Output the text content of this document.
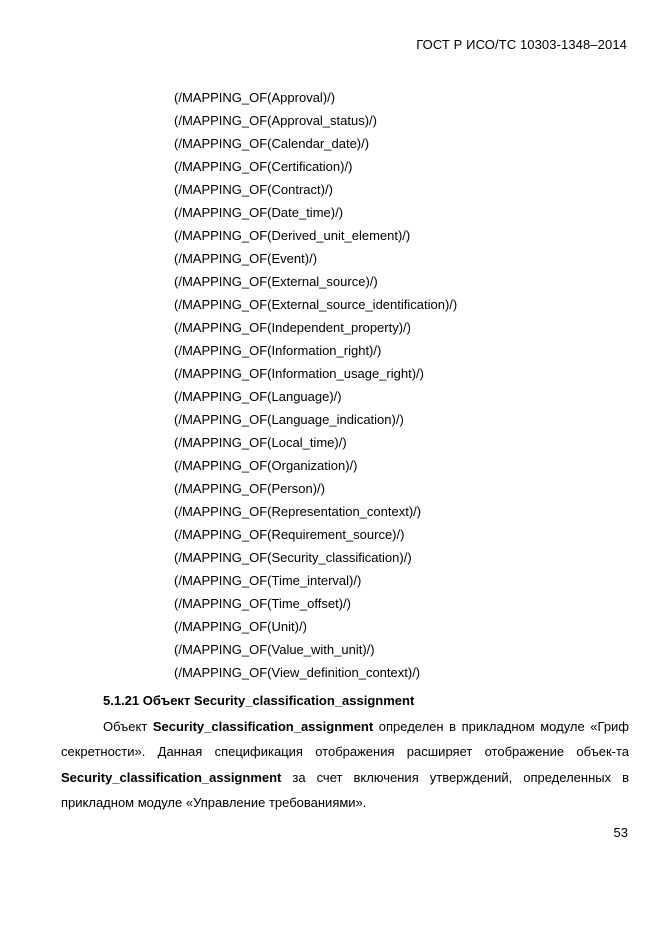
ГОСТ Р ИСО/ТС 10303-1348–2014
(/MAPPING_OF(Approval)/)
(/MAPPING_OF(Approval_status)/)
(/MAPPING_OF(Calendar_date)/)
(/MAPPING_OF(Certification)/)
(/MAPPING_OF(Contract)/)
(/MAPPING_OF(Date_time)/)
(/MAPPING_OF(Derived_unit_element)/)
(/MAPPING_OF(Event)/)
(/MAPPING_OF(External_source)/)
(/MAPPING_OF(External_source_identification)/)
(/MAPPING_OF(Independent_property)/)
(/MAPPING_OF(Information_right)/)
(/MAPPING_OF(Information_usage_right)/)
(/MAPPING_OF(Language)/)
(/MAPPING_OF(Language_indication)/)
(/MAPPING_OF(Local_time)/)
(/MAPPING_OF(Organization)/)
(/MAPPING_OF(Person)/)
(/MAPPING_OF(Representation_context)/)
(/MAPPING_OF(Requirement_source)/)
(/MAPPING_OF(Security_classification)/)
(/MAPPING_OF(Time_interval)/)
(/MAPPING_OF(Time_offset)/)
(/MAPPING_OF(Unit)/)
(/MAPPING_OF(Value_with_unit)/)
(/MAPPING_OF(View_definition_context)/)
5.1.21 Объект Security_classification_assignment

Объект Security_classification_assignment определен в прикладном модуле «Гриф секретности». Данная спецификация отображения расширяет отображение объек-та Security_classification_assignment за счет включения утверждений, определенных в прикладном модуле «Управление требованиями».

53
